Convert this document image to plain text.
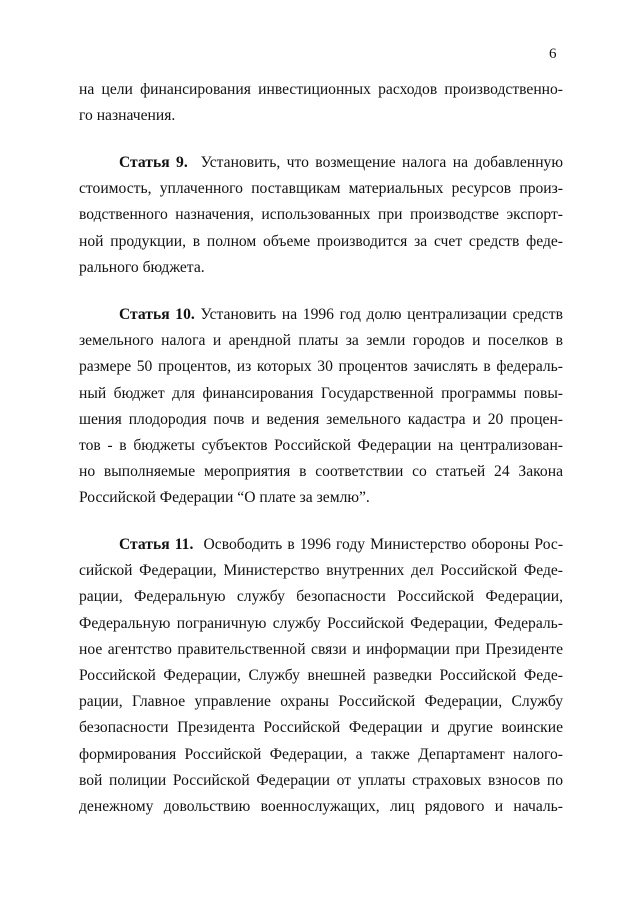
6
на цели финансирования инвестиционных расходов производственно-
го назначения.
Статья 9. Установить, что возмещение налога на добавленную
стоимость, уплаченного поставщикам материальных ресурсов произ-
водственного назначения, использованных при производстве экспорт-
ной продукции, в полном объеме производится за счет средств феде-
рального бюджета.
Статья 10. Установить на 1996 год долю централизации средств
земельного налога и арендной платы за земли городов и поселков в
размере 50 процентов, из которых 30 процентов зачислять в федераль-
ный бюджет для финансирования Государственной программы повы-
шения плодородия почв и ведения земельного кадастра и 20 процен-
тов - в бюджеты субъектов Российской Федерации на централизован-
но выполняемые мероприятия в соответствии со статьей 24 Закона
Российской Федерации “О плате за землю”.
Статья 11. Освободить в 1996 году Министерство обороны Рос-
сийской Федерации, Министерство внутренних дел Российской Феде-
рации, Федеральную службу безопасности Российской Федерации,
Федеральную пограничную службу Российской Федерации, Федераль-
ное агентство правительственной связи и информации при Президенте
Российской Федерации, Службу внешней разведки Российской Феде-
рации, Главное управление охраны Российской Федерации, Службу
безопасности Президента Российской Федерации и другие воинские
формирования Российской Федерации, а также Департамент налого-
вой полиции Российской Федерации от уплаты страховых взносов по
денежному довольствию военнослужащих, лиц рядового и началь-
